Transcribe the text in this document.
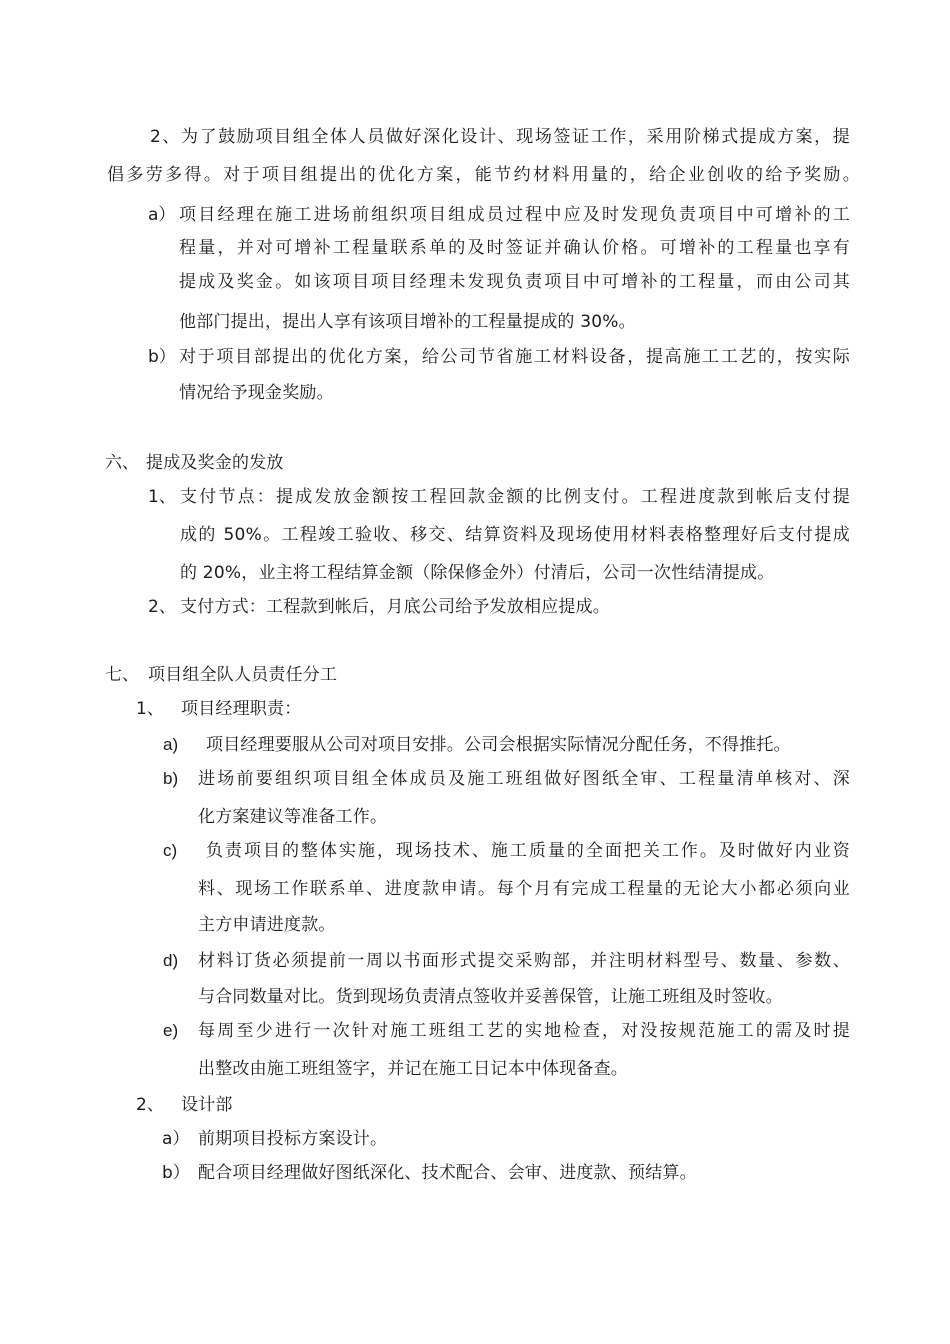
2、为了鼓励项目组全体人员做好深化设计、现场签证工作，采用阶梯式提成方案，提
倡多劳多得。对于项目组提出的优化方案，能节约材料用量的，给企业创收的给予奖励。
a） 项目经理在施工进场前组织项目组成员过程中应及时发现负责项目中可增补的工
程量，并对可增补工程量联系单的及时签证并确认价格。可增补的工程量也享有
提成及奖金。如该项目项目经理未发现负责项目中可增补的工程量，而由公司其
他部门提出，提出人享有该项目增补的工程量提成的 30%。
b） 对于项目部提出的优化方案，给公司节省施工材料设备，提高施工工艺的，按实际
情况给予现金奖励。
六、 提成及奖金的发放
1、 支付节点：提成发放金额按工程回款金额的比例支付。工程进度款到帐后支付提
成的 50%。工程竣工验收、移交、结算资料及现场使用材料表格整理好后支付提成
的 20%，业主将工程结算金额（除保修金外）付清后，公司一次性结清提成。
2、 支付方式：工程款到帐后，月底公司给予发放相应提成。
七、 项目组全队人员责任分工
1、 项目经理职责：
a) 项目经理要服从公司对项目安排。公司会根据实际情况分配任务，不得推托。
b) 进场前要组织项目组全体成员及施工班组做好图纸全审、工程量清单核对、深
化方案建议等准备工作。
c) 负责项目的整体实施，现场技术、施工质量的全面把关工作。及时做好内业资
料、现场工作联系单、进度款申请。每个月有完成工程量的无论大小都必须向业
主方申请进度款。
d) 材料订货必须提前一周以书面形式提交采购部，并注明材料型号、数量、参数、
与合同数量对比。货到现场负责清点签收并妥善保管，让施工班组及时签收。
e) 每周至少进行一次针对施工班组工艺的实地检查，对没按规范施工的需及时提
出整改由施工班组签字，并记在施工日记本中体现备查。
2、 设计部
a） 前期项目投标方案设计。
b） 配合项目经理做好图纸深化、技术配合、会审、进度款、预结算。
